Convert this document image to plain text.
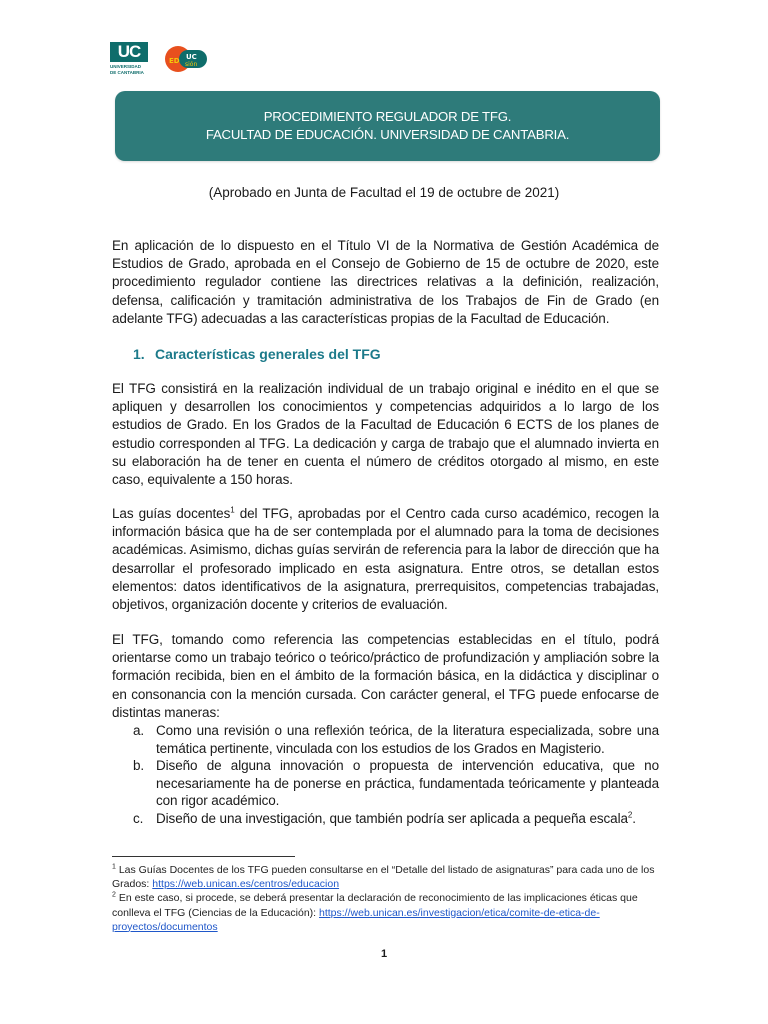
UC
UNIVERSIDAD
DE CANTABRIA
ED UC
sión
PROCEDIMIENTO REGULADOR DE TFG.
FACULTAD DE EDUCACIÓN. UNIVERSIDAD DE CANTABRIA.
(Aprobado en Junta de Facultad el 19 de octubre de 2021)

En aplicación de lo dispuesto en el Título VI de la Normativa de Gestión Académica de Estudios de Grado, aprobada en el Consejo de Gobierno de 15 de octubre de 2020, este procedimiento regulador contiene las directrices relativas a la definición, realización, defensa, calificación y tramitación administrativa de los Trabajos de Fin de Grado (en adelante TFG) adecuadas a las características propias de la Facultad de Educación.

1. Características generales del TFG

El TFG consistirá en la realización individual de un trabajo original e inédito en el que se apliquen y desarrollen los conocimientos y competencias adquiridos a lo largo de los estudios de Grado. En los Grados de la Facultad de Educación 6 ECTS de los planes de estudio corresponden al TFG. La dedicación y carga de trabajo que el alumnado invierta en su elaboración ha de tener en cuenta el número de créditos otorgado al mismo, en este caso, equivalente a 150 horas.

Las guías docentes$^1$ del TFG, aprobadas por el Centro cada curso académico, recogen la información básica que ha de ser contemplada por el alumnado para la toma de decisiones académicas. Asimismo, dichas guías servirán de referencia para la labor de dirección que ha desarrollar el profesorado implicado en esta asignatura. Entre otros, se detallan estos elementos: datos identificativos de la asignatura, prerrequisitos, competencias trabajadas, objetivos, organización docente y criterios de evaluación.

El TFG, tomando como referencia las competencias establecidas en el título, podrá orientarse como un trabajo teórico o teórico/práctico de profundización y ampliación sobre la formación recibida, bien en el ámbito de la formación básica, en la didáctica y disciplinar o en consonancia con la mención cursada. Con carácter general, el TFG puede enfocarse de distintas maneras:

a. Como una revisión o una reflexión teórica, de la literatura especializada, sobre una temática pertinente, vinculada con los estudios de los Grados en Magisterio.
b. Diseño de alguna innovación o propuesta de intervención educativa, que no necesariamente ha de ponerse en práctica, fundamentada teóricamente y planteada con rigor académico.
c. Diseño de una investigación, que también podría ser aplicada a pequeña escala$^2$.

$^1$ Las Guías Docentes de los TFG pueden consultarse en el “Detalle del listado de asignaturas” para cada uno de los Grados: https://web.unican.es/centros/educacion

$^2$ En este caso, si procede, se deberá presentar la declaración de reconocimiento de las implicaciones éticas que conlleva el TFG (Ciencias de la Educación): https://web.unican.es/investigacion/etica/comite-de-etica-de-proyectos/documentos

1
